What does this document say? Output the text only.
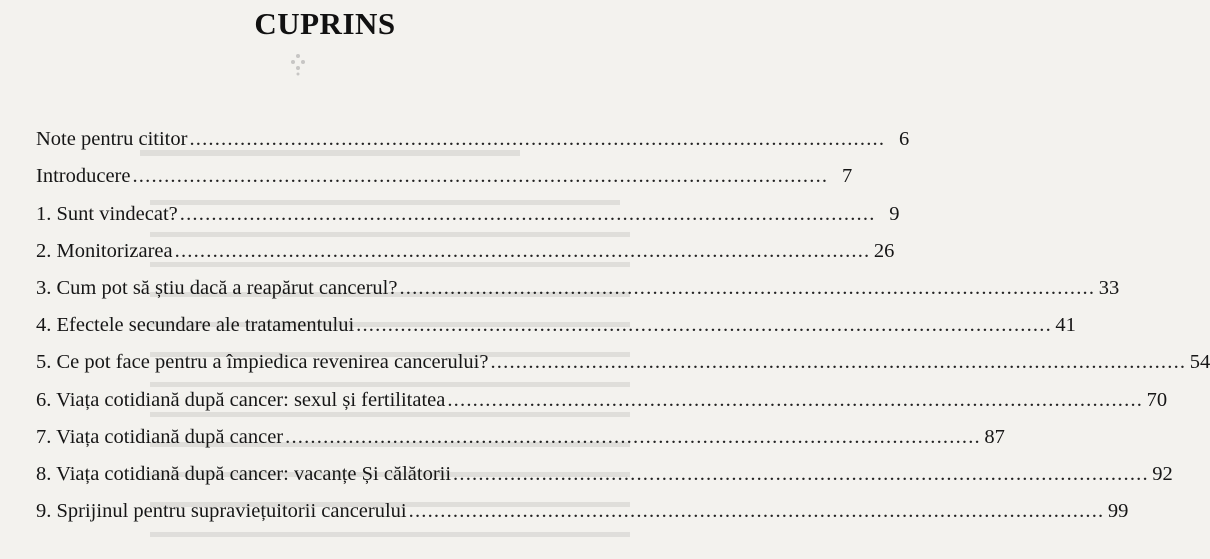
CUPRINS
Note pentru cititor .............................................................................................................. 6
Introducere .............................................................................................................. 7
1. Sunt vindecat? .............................................................................................................. 9
2. Monitorizarea .............................................................................................................. 26
3. Cum pot să știu dacă a reapărut cancerul? .............................................................................................................. 33
4. Efectele secundare ale tratamentului .............................................................................................................. 41
5. Ce pot face pentru a împiedica revenirea cancerului? .............................................................................................................. 54
6. Viața cotidiană după cancer: sexul și fertilitatea .............................................................................................................. 70
7. Viața cotidiană după cancer .............................................................................................................. 87
8. Viața cotidiană după cancer: vacanțe Și călătorii .............................................................................................................. 92
9. Sprijinul pentru supraviețuitorii cancerului .............................................................................................................. 99
